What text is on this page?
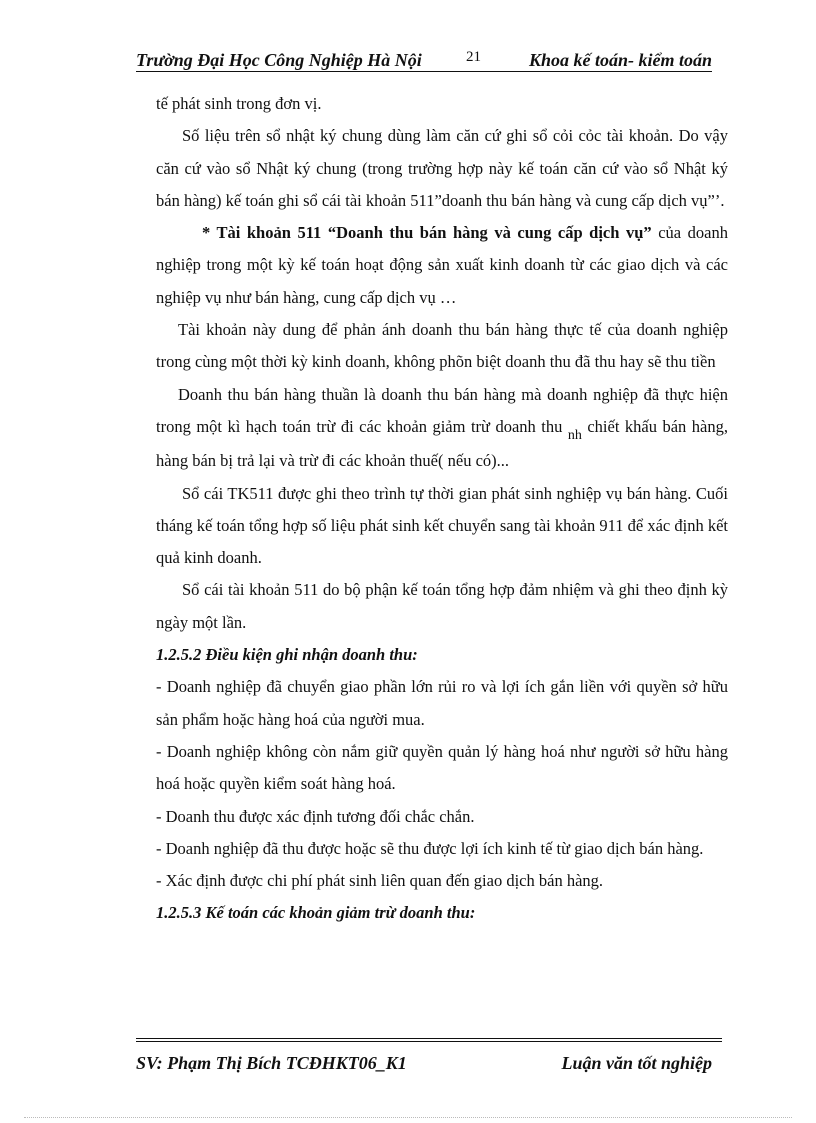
Trường Đại Học Công Nghiệp Hà Nội	21	Khoa kế toán- kiểm toán

tế phát sinh trong đơn vị.

Số liệu trên sổ nhật ký chung dùng làm căn cứ ghi sổ cỏi cỏc tài khoản. Do vậy căn cứ vào sổ Nhật ký chung (trong trường hợp này kế toán căn cứ vào sổ Nhật ký bán hàng) kế toán ghi sổ cái tài khoản 511”doanh thu bán hàng và cung cấp dịch vụ”’.

* Tài khoản 511 “Doanh thu bán hàng và cung cấp dịch vụ” của doanh nghiệp trong một kỳ kế toán hoạt động sản xuất kinh doanh từ các giao dịch và các nghiệp vụ như bán hàng, cung cấp dịch vụ …

Tài khoản này dung để phản ánh doanh thu bán hàng thực tế của doanh nghiệp trong cùng một thời kỳ kinh doanh, không phõn biệt doanh thu đã thu hay sẽ thu tiền

Doanh thu bán hàng thuần là doanh thu bán hàng mà doanh nghiệp đã thực hiện trong một kì hạch toán trừ đi các khoản giảm trừ doanh thu $_{nh}$ chiết khấu bán hàng, hàng bán bị trả lại và trừ đi các khoản thuế( nếu có)...

Sổ cái TK511 được ghi theo trình tự thời gian phát sinh nghiệp vụ bán hàng. Cuối tháng kế toán tổng hợp số liệu phát sinh kết chuyển sang tài khoản 911 để xác định kết quả kinh doanh.

Sổ cái tài khoản 511 do bộ phận kế toán tổng hợp đảm nhiệm và ghi theo định kỳ ngày một lần.

1.2.5.2 Điều kiện ghi nhận doanh thu:

- Doanh nghiệp đã chuyển giao phần lớn rủi ro và lợi ích gắn liền với quyền sở hữu sản phẩm hoặc hàng hoá của người mua.

- Doanh nghiệp không còn nắm giữ quyền quản lý hàng hoá như người sở hữu hàng hoá hoặc quyền kiểm soát hàng hoá.

- Doanh thu được xác định tương đối chắc chắn.

- Doanh nghiệp đã thu được hoặc sẽ thu được lợi ích kinh tế từ giao dịch bán hàng.

- Xác định được chi phí phát sinh liên quan đến giao dịch bán hàng.

1.2.5.3 Kế toán các khoản giảm trừ doanh thu:

SV: Phạm Thị Bích TCĐHKT06_K1	Luận văn tốt nghiệp
